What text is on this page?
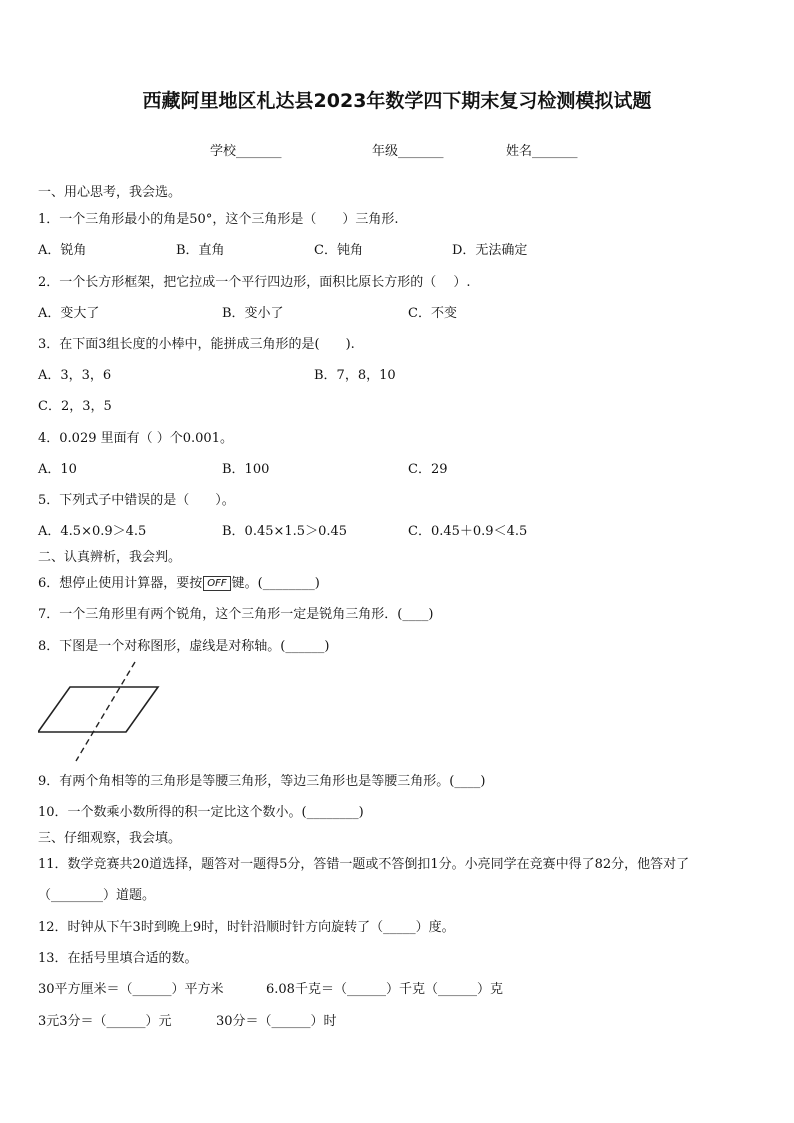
西藏阿里地区札达县2023年数学四下期末复习检测模拟试题
学校_______	年级_______	姓名_______
一、用心思考，我会选。
1．一个三角形最小的角是50°，这个三角形是（　　）三角形.
A．锐角	B．直角	C．钝角	D．无法确定
2．一个长方形框架，把它拉成一个平行四边形，面积比原长方形的（　 ）.
A．变大了	B．变小了	C．不变
3．在下面3组长度的小棒中，能拼成三角形的是(　　).
A．3，3，6	B．7，8，10
C．2，3，5
4．0.029 里面有（ ）个0.001。
A．10	B．100	C．29
5．下列式子中错误的是（　　）。
A．4.5×0.9＞4.5	B．0.45×1.5＞0.45	C．0.45＋0.9＜4.5
二、认真辨析，我会判。
6．想停止使用计算器，要按 OFF 键。(________)
7．一个三角形里有两个锐角，这个三角形一定是锐角三角形．(____)
8．下图是一个对称图形，虚线是对称轴。(______)
9．有两个角相等的三角形是等腰三角形，等边三角形也是等腰三角形。(____)
10．一个数乘小数所得的积一定比这个数小。(________)
三、仔细观察，我会填。
11．数学竞赛共20道选择，题答对一题得5分，答错一题或不答倒扣1分。小亮同学在竞赛中得了82分，他答对了
（________）道题。
12．时钟从下午3时到晚上9时，时针沿顺时针方向旋转了（_____）度。
13．在括号里填合适的数。
30平方厘米＝（______）平方米	6.08千克＝（______）千克（______）克
3元3分＝（______）元	30分＝（______）时
